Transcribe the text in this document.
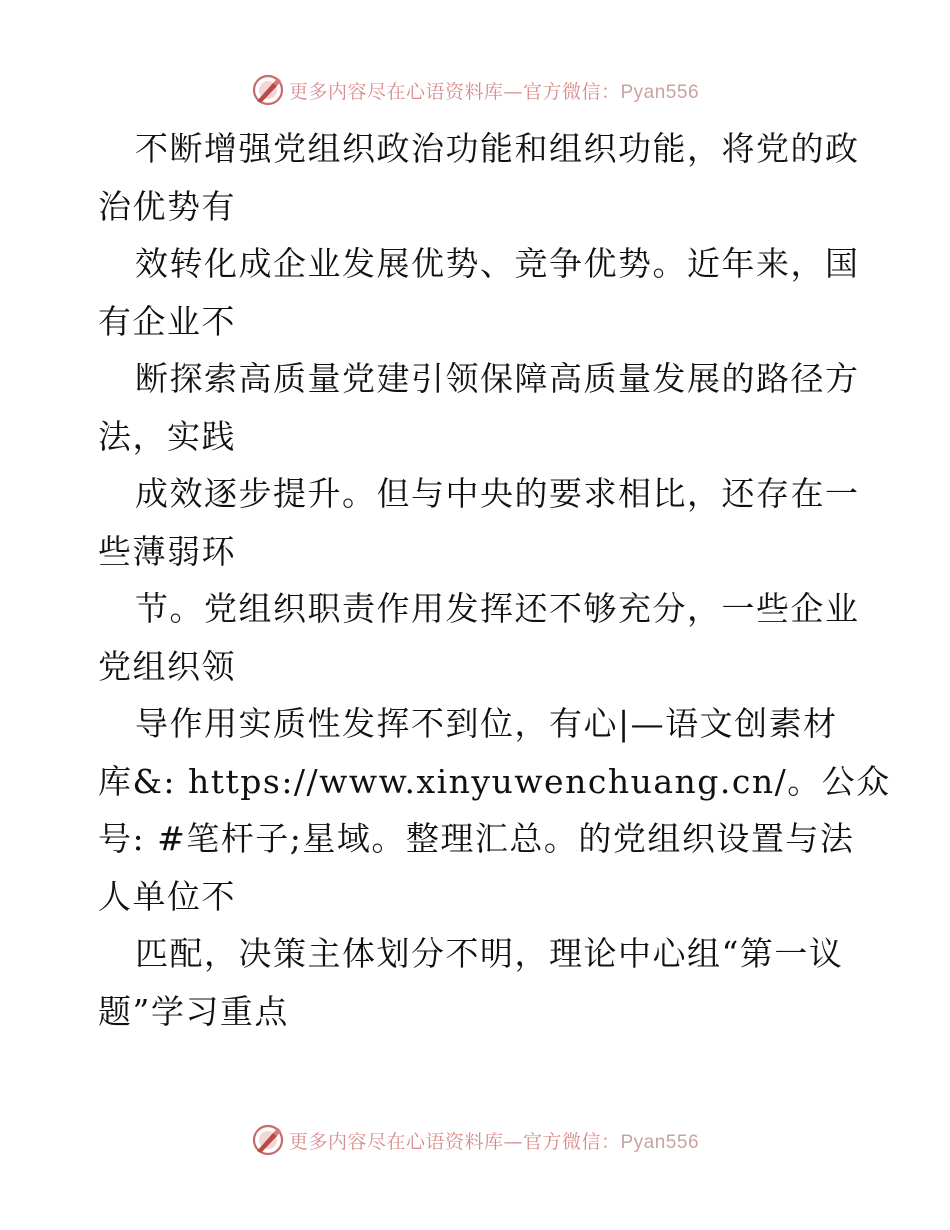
更多内容尽在心语资料库—官方微信：Pyan556
不断增强党组织政治功能和组织功能，将党的政
治优势有
效转化成企业发展优势、竞争优势。近年来，国
有企业不
断探索高质量党建引领保障高质量发展的路径方
法，实践
成效逐步提升。但与中央的要求相比，还存在一
些薄弱环
节。党组织职责作用发挥还不够充分，一些企业
党组织领
导作用实质性发挥不到位，有心|—语文创素材
库&: https://www.xinyuwenchuang.cn/。公众
号: #笔杆子;星域。整理汇总。的党组织设置与法
人单位不
匹配，决策主体划分不明，理论中心组“第一议
题”学习重点
更多内容尽在心语资料库—官方微信：Pyan556
